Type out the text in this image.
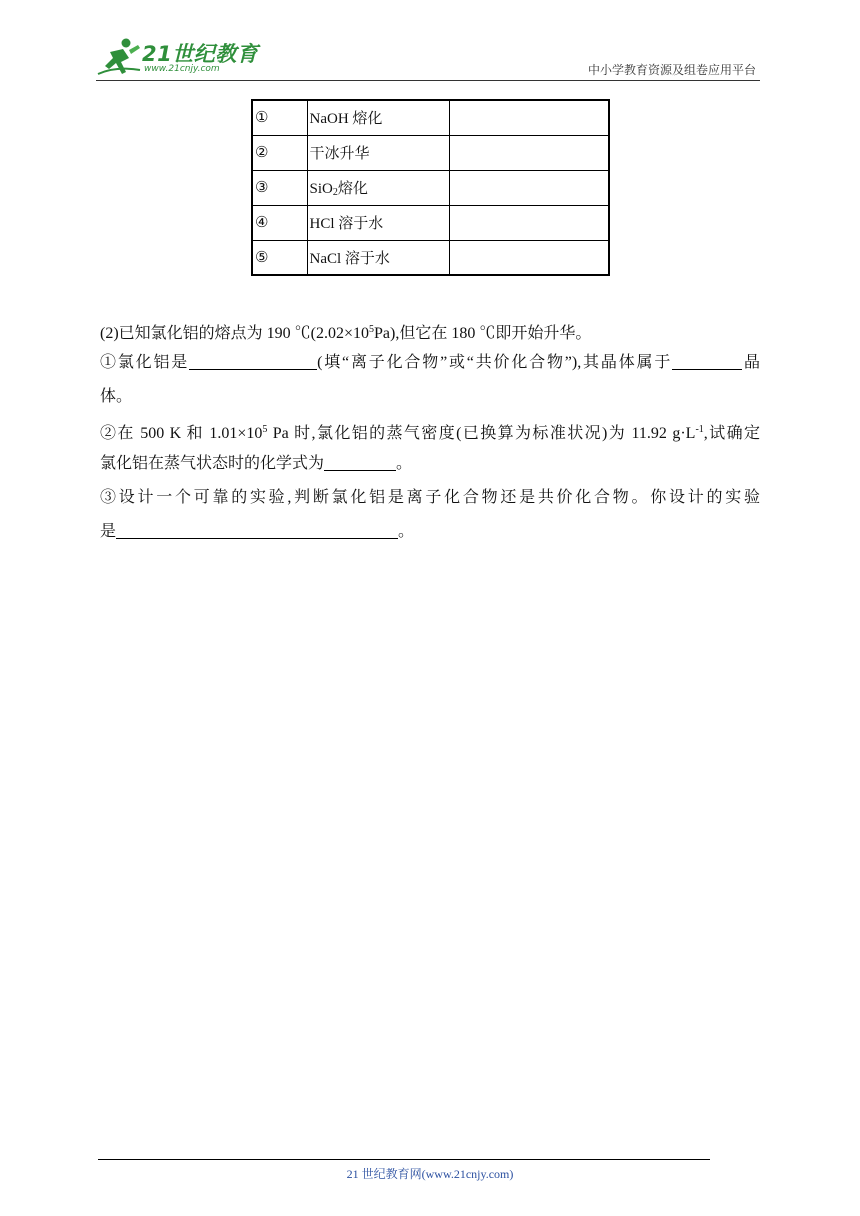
21世纪教育
www.21cnjy.com	中小学教育资源及组卷应用平台
①	NaOH 熔化	
②	干冰升华	
③	SiO$_2$熔化	
④	HCl 溶于水	
⑤	NaCl 溶于水	
(2)已知氯化铝的熔点为 190 $℃(2.02\times 10^5Pa)$,但它在 180 ℃即开始升华。
①氯化铝是	(填“离子化合物”或“共价化合物”),其晶体属于	晶
体。
②在 500 K 和 $1.01\times 10^5$ Pa 时,氯化铝的蒸气密度(已换算为标准状况)为 11.92 $g\cdot L^{-1}$,试确定
氯化铝在蒸气状态时的化学式为	。
③设计一个可靠的实验,判断氯化铝是离子化合物还是共价化合物。你设计的实验
是	。
21 世纪教育网(www.21cnjy.com)
